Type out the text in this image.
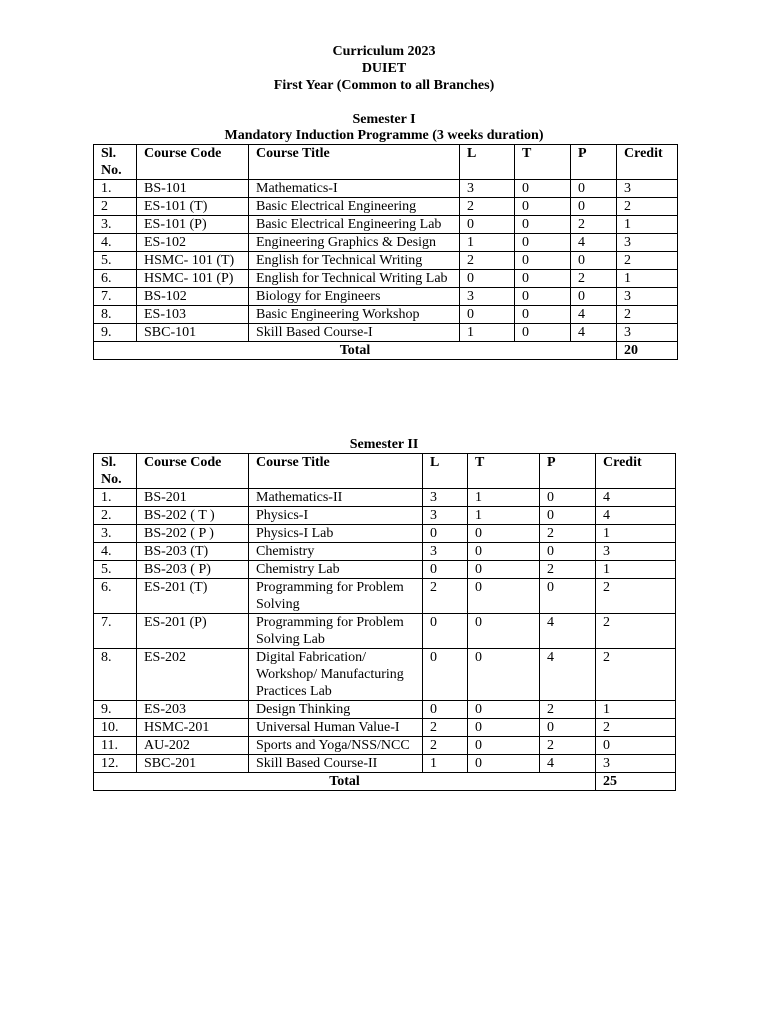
Curriculum 2023
DUIET
First Year (Common to all Branches)
Semester I
Mandatory Induction Programme (3 weeks duration)
Sl. No.	Course Code	Course Title	L	T	P	Credit
1.	BS-101	Mathematics-I	3	0	0	3
2	ES-101 (T)	Basic Electrical Engineering	2	0	0	2
3.	ES-101 (P)	Basic Electrical Engineering Lab	0	0	2	1
4.	ES-102	Engineering Graphics & Design	1	0	4	3
5.	HSMC- 101 (T)	English for Technical Writing	2	0	0	2
6.	HSMC- 101 (P)	English for Technical Writing Lab	0	0	2	1
7.	BS-102	Biology for Engineers	3	0	0	3
8.	ES-103	Basic Engineering Workshop	0	0	4	2
9.	SBC-101	Skill Based Course-I	1	0	4	3
Total						20
Semester II
Sl. No.	Course Code	Course Title	L	T	P	Credit
1.	BS-201	Mathematics-II	3	1	0	4
2.	BS-202 ( T )	Physics-I	3	1	0	4
3.	BS-202 ( P )	Physics-I Lab	0	0	2	1
4.	BS-203 (T)	Chemistry	3	0	0	3
5.	BS-203 ( P)	Chemistry Lab	0	0	2	1
6.	ES-201 (T)	Programming for Problem Solving	2	0	0	2
7.	ES-201 (P)	Programming for Problem Solving Lab	0	0	4	2
8.	ES-202	Digital Fabrication/ Workshop/ Manufacturing Practices Lab	0	0	4	2
9.	ES-203	Design Thinking	0	0	2	1
10.	HSMC-201	Universal Human Value-I	2	0	0	2
11.	AU-202	Sports and Yoga/NSS/NCC	2	0	2	0
12.	SBC-201	Skill Based Course-II	1	0	4	3
Total						25
